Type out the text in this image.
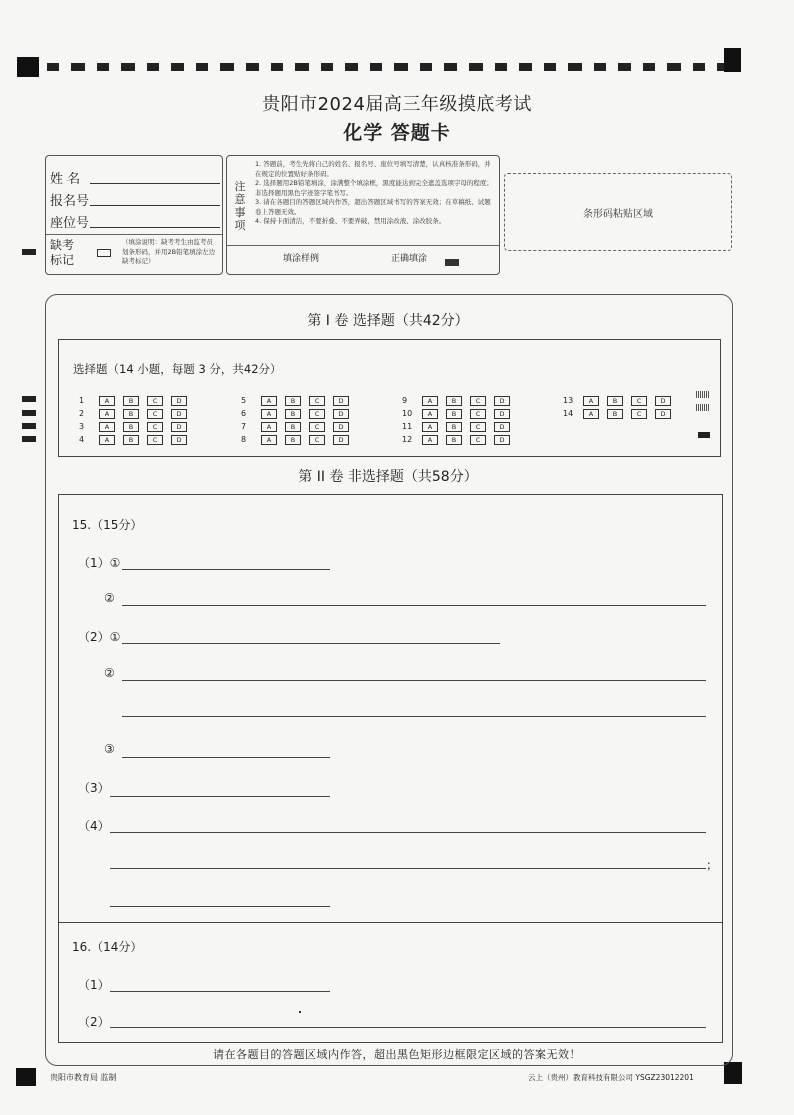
贵阳市2024届高三年级摸底考试
化学 答题卡
姓 名
报名号
座位号
缺考
标记
（填涂说明：缺考考生由监考员划条形码，并用2B铅笔填涂左边缺考标记）
注意事项
1. 答题前，考生先将自己的姓名、报名号、座位号填写清楚，认真核准条形码，并在规定的位置贴好条形码。
2. 选择题用2B铅笔填涂，涂满整个填涂框，黑度能达到完全遮盖选项字母的程度；非选择题用黑色字迹签字笔书写。
3. 请在各题目的答题区域内作答，超出答题区域书写的答案无效；在草稿纸、试题卷上答题无效。
4. 保持卡面清洁，不要折叠、不要弄破，禁用涂改液、涂改胶条。
填涂样例	正确填涂
条形码粘贴区域
第 I 卷 选择题（共42分）
选择题（14 小题，每题 3 分，共42分）
1	A	B	C	D
2	A	B	C	D
3	A	B	C	D
4	A	B	C	D
5	A	B	C	D
6	A	B	C	D
7	A	B	C	D
8	A	B	C	D
9	A	B	C	D
10	A	B	C	D
11	A	B	C	D
12	A	B	C	D
13	A	B	C	D
14	A	B	C	D
第 II 卷 非选择题（共58分）
15.（15分）
（1）①
②
（2）①
②
③
（3）
（4）
；
16.（14分）
（1）
（2）
请在各题目的答题区域内作答，超出黑色矩形边框限定区域的答案无效！
贵阳市教育局 监制	云上（贵州）教育科技有限公司 YSGZ23012201
